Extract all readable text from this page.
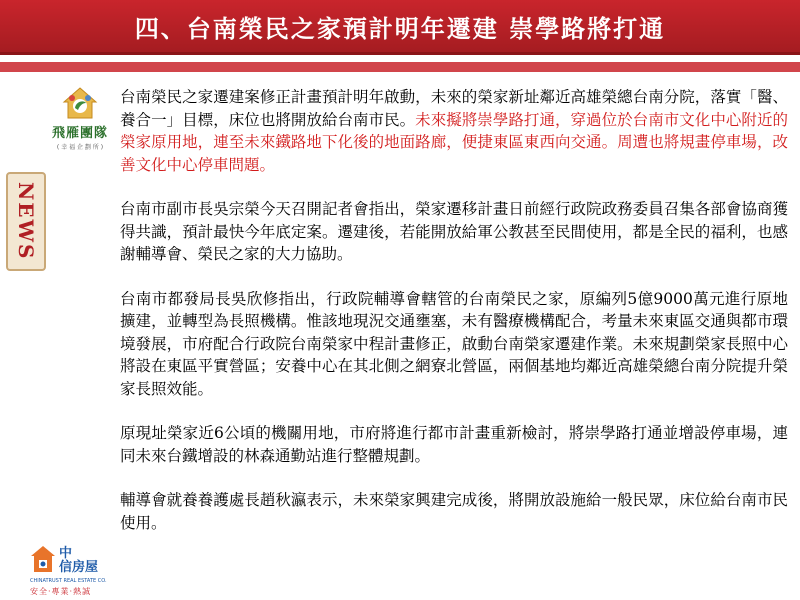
四、台南榮民之家預計明年遷建 崇學路將打通
飛雁團隊
( 幸 福 企 劃 所 )
NEWS
中
信房屋
CHINATRUST REAL ESTATE CO.
安全‧專業‧熱誠

台南榮民之家遷建案修正計畫預計明年啟動，未來的榮家新址鄰近高雄榮總台南分院，落實「醫、養合一」目標，床位也將開放給台南市民。未來擬將崇學路打通，穿過位於台南市文化中心附近的榮家原用地，連至未來鐵路地下化後的地面路廊，便捷東區東西向交通。周遭也將規畫停車場，改善文化中心停車問題。

台南市副市長吳宗榮今天召開記者會指出，榮家遷移計畫日前經行政院政務委員召集各部會協商獲得共識，預計最快今年底定案。遷建後，若能開放給軍公教甚至民間使用，都是全民的福利，也感謝輔導會、榮民之家的大力協助。

台南市都發局長吳欣修指出，行政院輔導會轄管的台南榮民之家，原編列5億9000萬元進行原地擴建，並轉型為長照機構。惟該地現況交通壅塞，未有醫療機構配合，考量未來東區交通與都市環境發展，市府配合行政院台南榮家中程計畫修正，啟動台南榮家遷建作業。未來規劃榮家長照中心將設在東區平實營區；安養中心在其北側之網寮北營區，兩個基地均鄰近高雄榮總台南分院提升榮家長照效能。

原現址榮家近6公頃的機關用地，市府將進行都市計畫重新檢討，將崇學路打通並增設停車場，連同未來台鐵增設的林森通勤站進行整體規劃。

輔導會就養養護處長趙秋瀛表示，未來榮家興建完成後，將開放設施給一般民眾，床位給台南市民使用。
